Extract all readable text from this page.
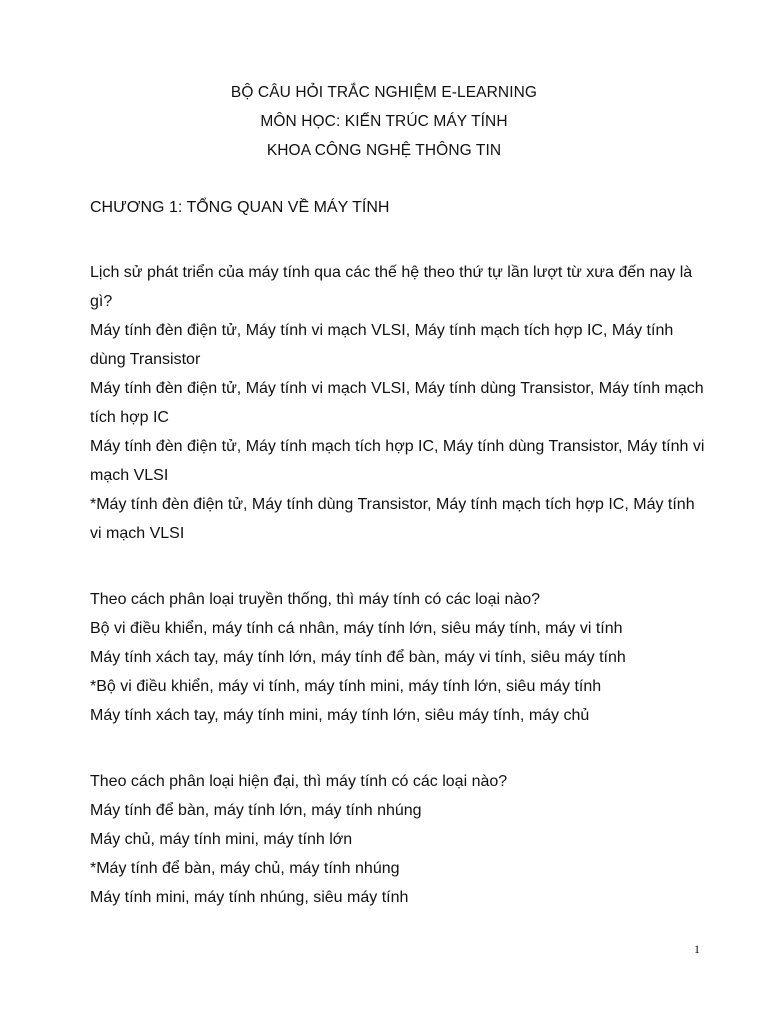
BỘ CÂU HỎI TRẮC NGHIỆM E-LEARNING
MÔN HỌC: KIẾN TRÚC MÁY TÍNH
KHOA CÔNG NGHỆ THÔNG TIN
CHƯƠNG 1: TỔNG QUAN VỀ MÁY TÍNH

Lịch sử phát triển của máy tính qua các thế hệ theo thứ tự lần lượt từ xưa đến nay là gì?

Máy tính đèn điện tử, Máy tính vi mạch VLSI, Máy tính mạch tích hợp IC, Máy tính dùng Transistor

Máy tính đèn điện tử, Máy tính vi mạch VLSI, Máy tính dùng Transistor, Máy tính mạch tích hợp IC

Máy tính đèn điện tử, Máy tính mạch tích hợp IC, Máy tính dùng Transistor, Máy tính vi mạch VLSI

*Máy tính đèn điện tử, Máy tính dùng Transistor, Máy tính mạch tích hợp IC, Máy tính vi mạch VLSI

Theo cách phân loại truyền thống, thì máy tính có các loại nào?

Bộ vi điều khiển, máy tính cá nhân, máy tính lớn, siêu máy tính, máy vi tính

Máy tính xách tay, máy tính lớn, máy tính để bàn, máy vi tính, siêu máy tính

*Bộ vi điều khiển, máy vi tính, máy tính mini, máy tính lớn, siêu máy tính

Máy tính xách tay, máy tính mini, máy tính lớn, siêu máy tính, máy chủ

Theo cách phân loại hiện đại, thì máy tính có các loại nào?

Máy tính để bàn, máy tính lớn, máy tính nhúng

Máy chủ, máy tính mini, máy tính lớn

*Máy tính để bàn, máy chủ, máy tính nhúng

Máy tính mini, máy tính nhúng, siêu máy tính

1
